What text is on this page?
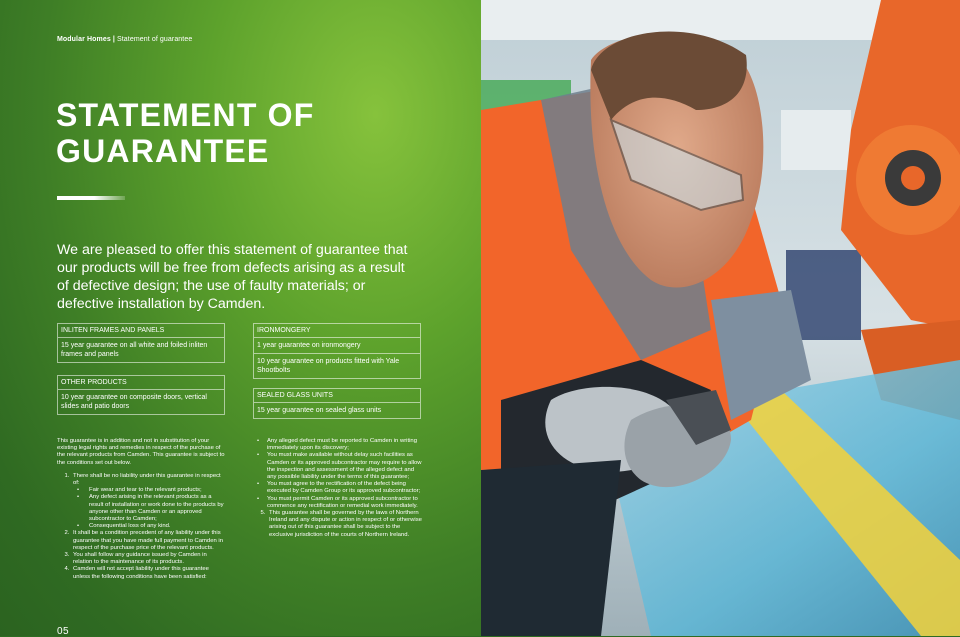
Modular Homes | Statement of guarantee
STATEMENT OF GUARANTEE

We are pleased to offer this statement of guarantee that our products will be free from defects arising as a result of defective design; the use of faulty materials; or defective installation by Camden.

INLITEN FRAMES AND PANELS
15 year guarantee on all white and foiled inliten frames and panels
OTHER PRODUCTS
10 year guarantee on composite doors, vertical slides and patio doors
IRONMONGERY
1 year guarantee on ironmongery
10 year guarantee on products fitted with Yale Shootbolts
SEALED GLASS UNITS
15 year guarantee on sealed glass units

This guarantee is in addition and not in substitution of your existing legal rights and remedies in respect of the purchase of the relevant products from Camden. This guarantee is subject to the conditions set out below.

1. There shall be no liability under this guarantee in respect of:
• Fair wear and tear to the relevant products;
• Any defect arising in the relevant products as a result of installation or work done to the products by anyone other than Camden or an approved subcontractor to Camden;
• Consequential loss of any kind.
2. It shall be a condition precedent of any liability under this guarantee that you have made full payment to Camden in respect of the purchase price of the relevant products.
3. You shall follow any guidance issued by Camden in relation to the maintenance of its products.
4. Camden will not accept liability under this guarantee unless the following conditions have been satisfied:
• Any alleged defect must be reported to Camden in writing immediately upon its discovery;
• You must make available without delay such facilities as Camden or its approved subcontractor may require to allow the inspection and assessment of the alleged defect and any possible liability under the terms of this guarantee;
• You must agree to the rectification of the defect being executed by Camden Group or its approved subcontractor;
• You must permit Camden or its approved subcontractor to commence any rectification or remedial work immediately.
5. This guarantee shall be governed by the laws of Northern Ireland and any dispute or action in respect of or otherwise arising out of this guarantee shall be subject to the exclusive jurisdiction of the courts of Northern Ireland.
05
